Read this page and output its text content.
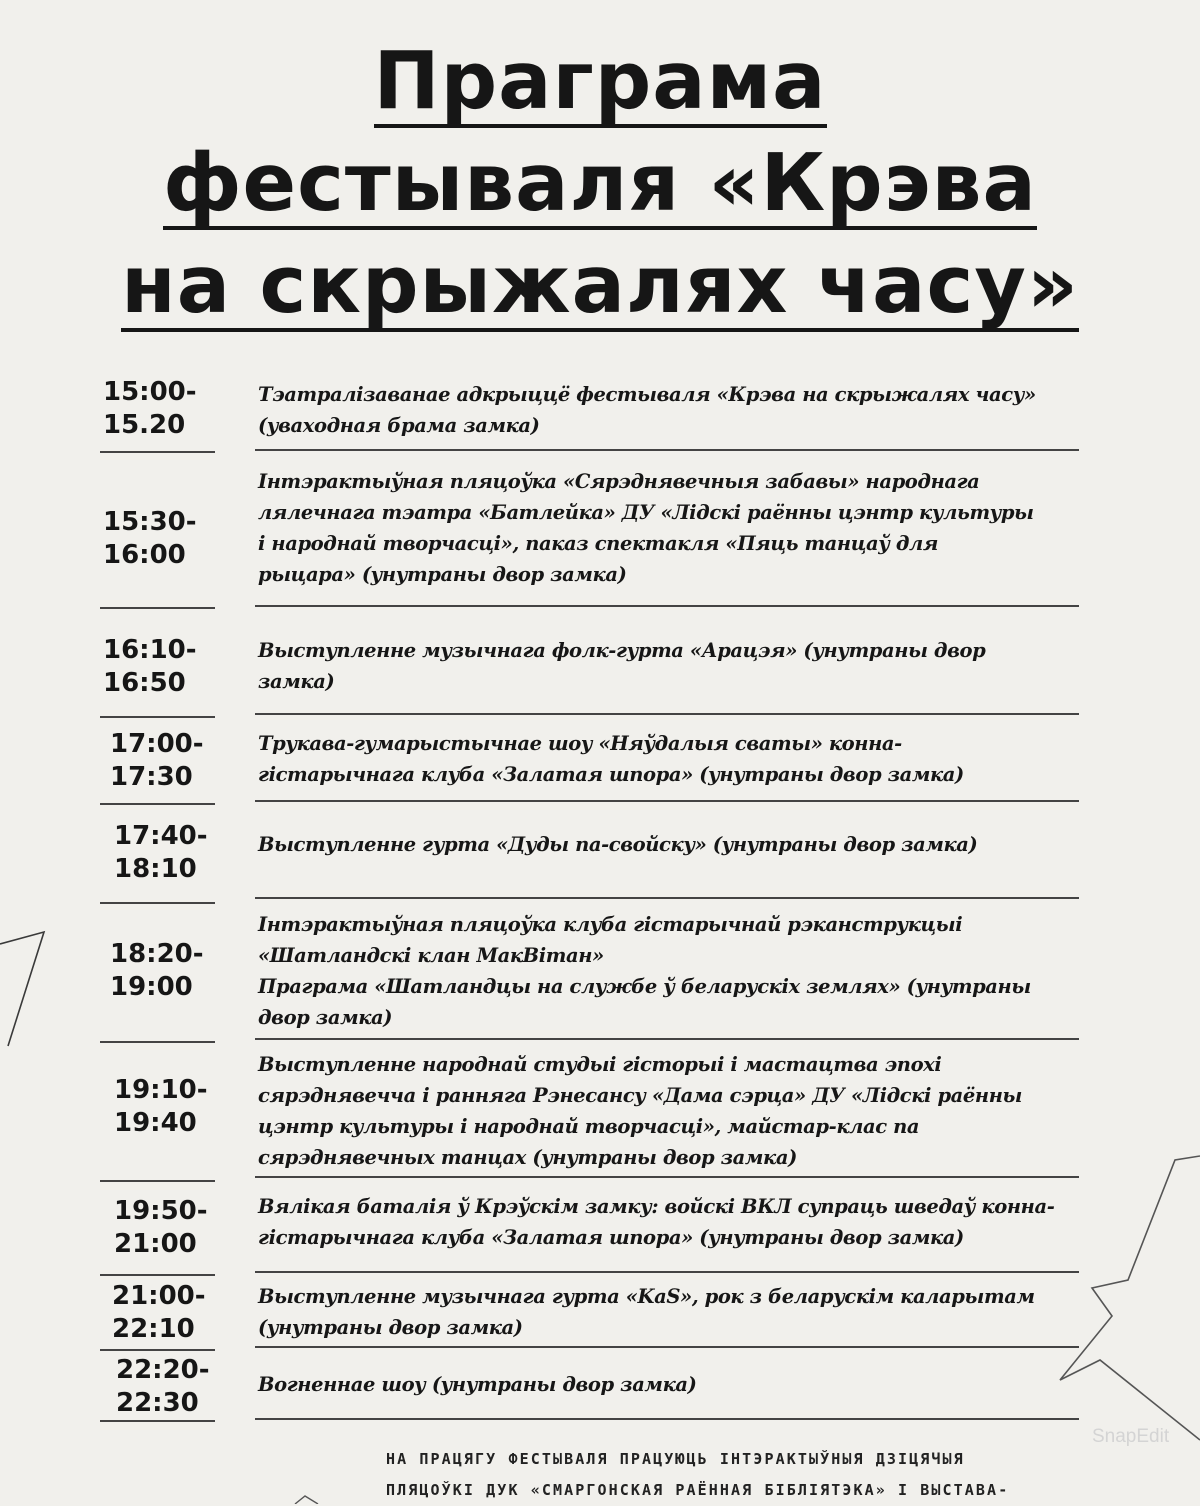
Праграма
фестываля «Крэва
на скрыжалях часу»
15:00-
15.20
Тэатралізаванае адкрыццё фестываля «Крэва на скрыжалях часу»
(уваходная брама замка)
15:30-
16:00
Інтэрактыўная пляцоўка «Сярэднявечныя забавы» народнага
лялечнага тэатра «Батлейка» ДУ «Лідскі раённы цэнтр культуры
і народнай творчасці», паказ спектакля «Пяць танцаў для
рыцара» (унутраны двор замка)
16:10-
16:50
Выступленне музычнага фолк-гурта «Арацэя» (унутраны двор
замка)
17:00-
17:30
Трукава-гумарыстычнае шоу «Няўдалыя сваты» конна-
гістарычнага клуба «Залатая шпора» (унутраны двор замка)
17:40-
18:10
Выступленне гурта «Дуды па-свойску» (унутраны двор замка)
18:20-
19:00
Інтэрактыўная пляцоўка клуба гістарычнай рэканструкцыі
«Шатландскі клан МакВітан»
Праграма «Шатландцы на службе ў беларускіх землях» (унутраны
двор замка)
19:10-
19:40
Выступленне народнай студыі гісторыі і мастацтва эпохі
сярэднявечча і ранняга Рэнесансу «Дама сэрца» ДУ «Лідскі раённы
цэнтр культуры і народнай творчасці», майстар-клас па
сярэднявечных танцах (унутраны двор замка)
19:50-
21:00
Вялікая баталія ў Крэўскім замку: войскі ВКЛ супраць шведаў конна-
гістарычнага клуба «Залатая шпора» (унутраны двор замка)
21:00-
22:10
Выступленне музычнага гурта «KaS», рок з беларускім каларытам
(унутраны двор замка)
22:20-
22:30
Вогненнае шоу (унутраны двор замка)
SnapEdit
НА ПРАЦЯГУ ФЕСТЫВАЛЯ ПРАЦУЮЦЬ ІНТЭРАКТЫЎНЫЯ ДЗІЦЯЧЫЯ
ПЛЯЦОЎКІ ДУК «СМАРГОНСКАЯ РАЁННАЯ БІБЛІЯТЭКА» І ВЫСТАВА-
